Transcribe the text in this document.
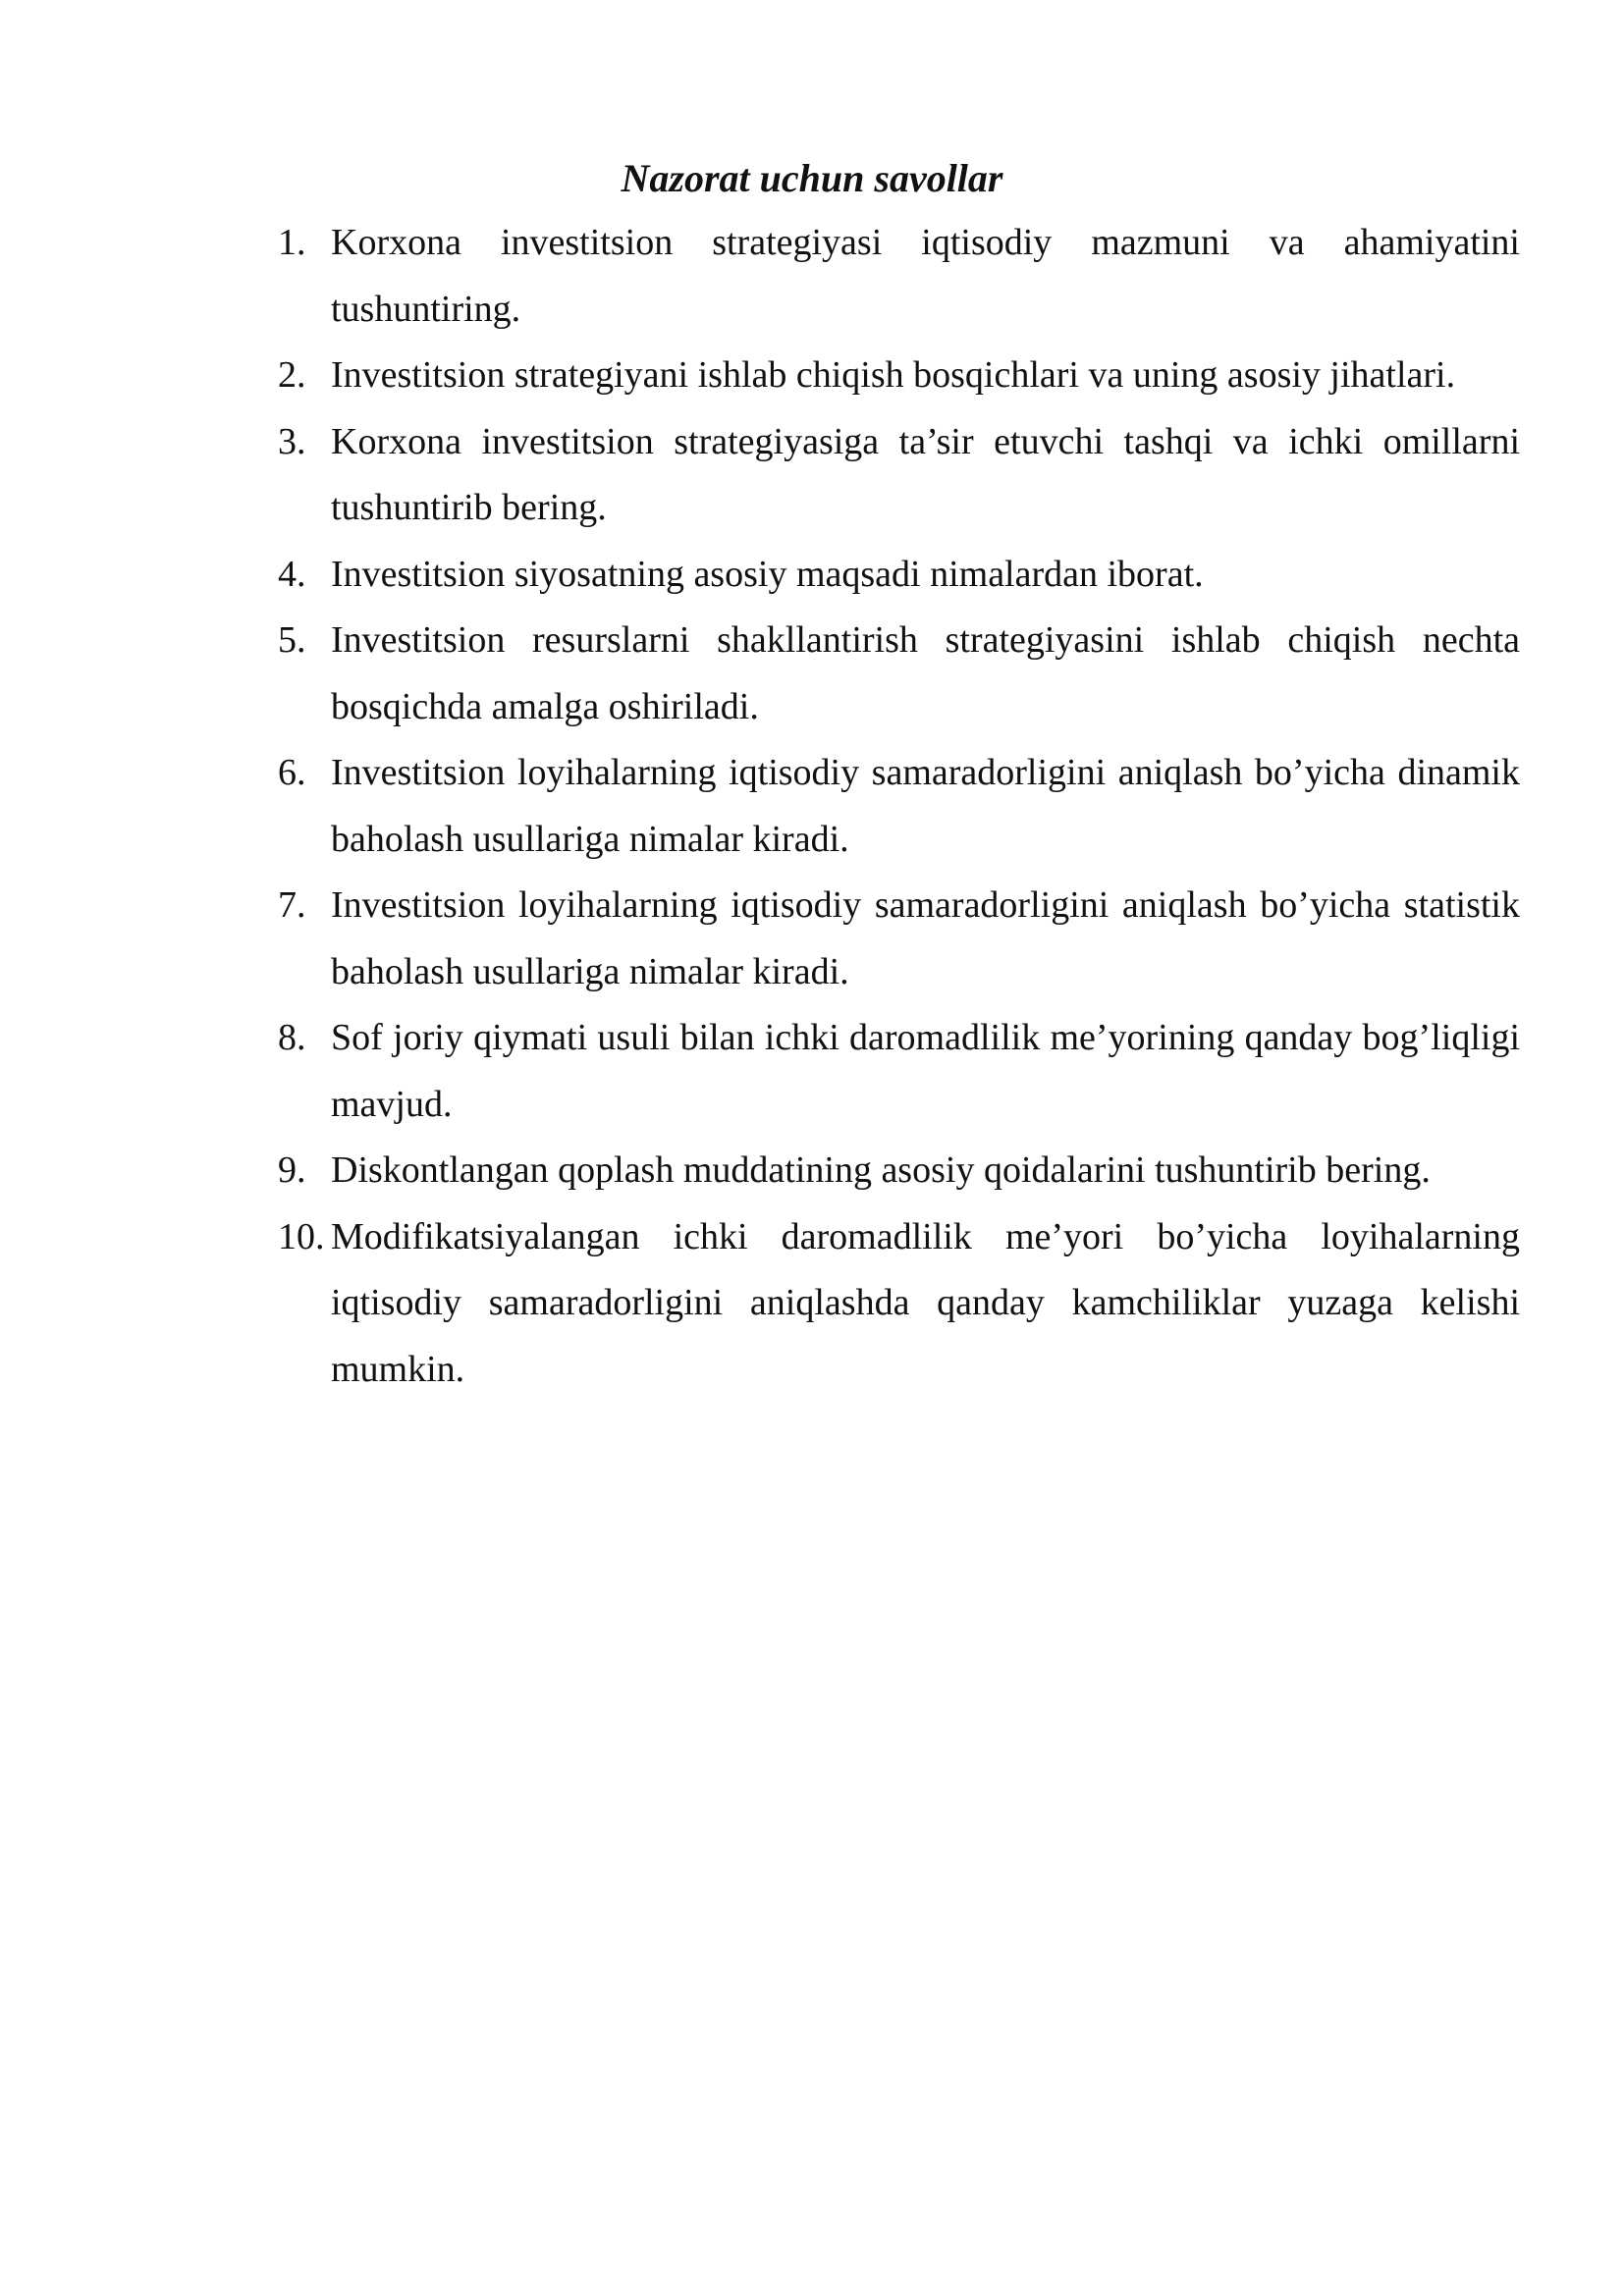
Nazorat uchun savollar
1. Korxona investitsion strategiyasi iqtisodiy mazmuni va ahamiyatini tushuntiring.
2. Investitsion strategiyani ishlab chiqish bosqichlari va uning asosiy jihatlari.
3. Korxona investitsion strategiyasiga ta’sir etuvchi tashqi va ichki omillarni tushuntirib bering.
4. Investitsion siyosatning asosiy maqsadi nimalardan iborat.
5. Investitsion resurslarni shakllantirish strategiyasini ishlab chiqish nechta bosqichda amalga oshiriladi.
6. Investitsion loyihalarning iqtisodiy samaradorligini aniqlash bo’yicha dinamik baholash usullariga nimalar kiradi.
7. Investitsion loyihalarning iqtisodiy samaradorligini aniqlash bo’yicha statistik baholash usullariga nimalar kiradi.
8. Sof joriy qiymati usuli bilan ichki daromadlilik me’yorining qanday bog’liqligi mavjud.
9. Diskontlangan qoplash muddatining asosiy qoidalarini tushuntirib bering.
10. Modifikatsiyalangan ichki daromadlilik me’yori bo’yicha loyihalarning iqtisodiy samaradorligini aniqlashda qanday kamchiliklar yuzaga kelishi mumkin.
